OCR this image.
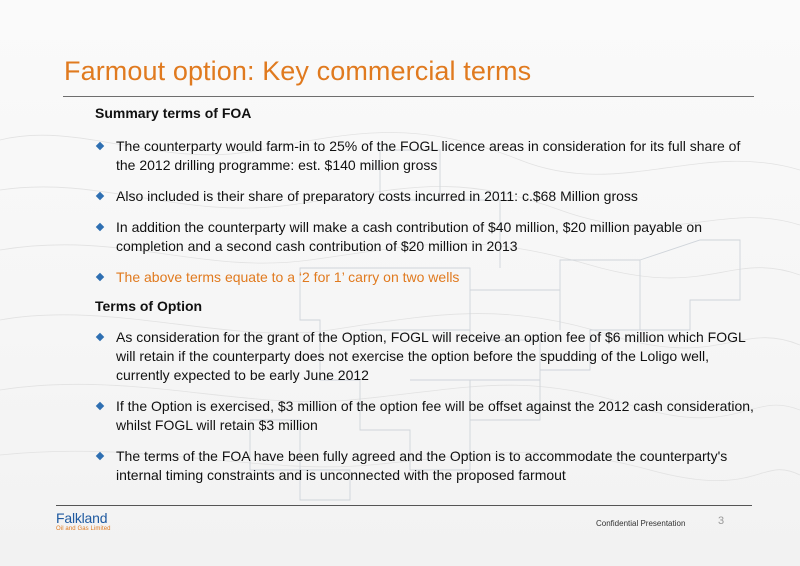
Farmout option: Key commercial terms
Summary terms of FOA
The counterparty would farm-in to 25% of the FOGL licence areas in consideration for its full share of the 2012 drilling programme: est. $140 million gross
Also included is their share of preparatory costs incurred in 2011: c.$68 Million gross
In addition the counterparty will make a cash contribution of $40 million, $20 million payable on completion and a second cash contribution of $20 million in 2013
The above terms equate to a ‘2 for 1’ carry on two wells
Terms of Option
As consideration for the grant of the Option, FOGL will receive an option fee of $6 million which FOGL will retain if the counterparty does not exercise the option before the spudding of the Loligo well, currently expected to be early June 2012
If the Option is exercised, $3 million of the option fee will be offset against the 2012 cash consideration, whilst FOGL will retain $3 million
The terms of the FOA have been fully agreed and the Option is to accommodate the counterparty's internal timing constraints and is unconnected with the proposed farmout
Falkland
Oil and Gas Limited
Confidential Presentation	3
